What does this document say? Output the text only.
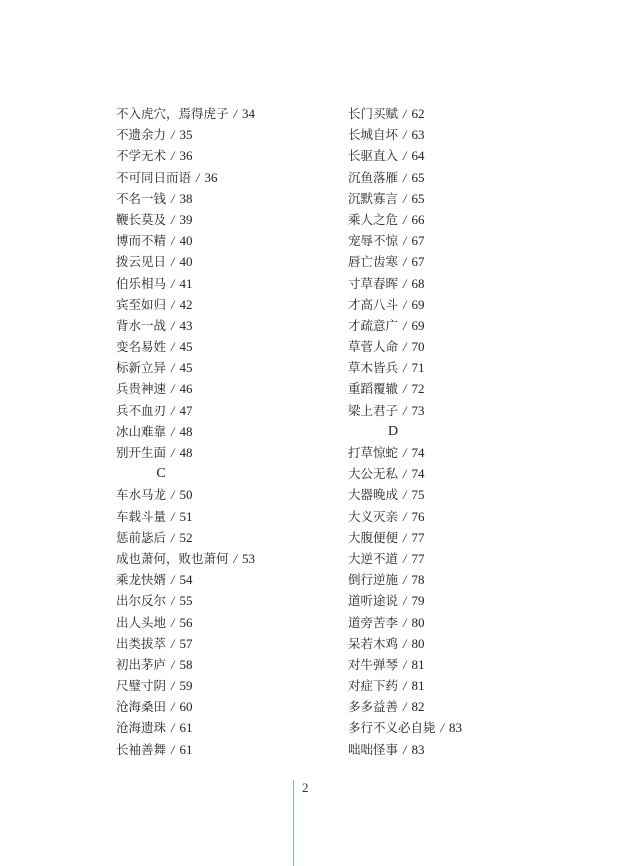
不入虎穴，焉得虎子 / 34
不遗余力 / 35
不学无术 / 36
不可同日而语 / 36
不名一钱 / 38
鞭长莫及 / 39
博而不精 / 40
拨云见日 / 40
伯乐相马 / 41
宾至如归 / 42
背水一战 / 43
变名易姓 / 45
标新立异 / 45
兵贵神速 / 46
兵不血刃 / 47
冰山难靠 / 48
别开生面 / 48
C
车水马龙 / 50
车载斗量 / 51
惩前毖后 / 52
成也萧何，败也萧何 / 53
乘龙快婿 / 54
出尔反尔 / 55
出人头地 / 56
出类拔萃 / 57
初出茅庐 / 58
尺璧寸阴 / 59
沧海桑田 / 60
沧海遗珠 / 61
长袖善舞 / 61
长门买赋 / 62
长城自坏 / 63
长驱直入 / 64
沉鱼落雁 / 65
沉默寡言 / 65
乘人之危 / 66
宠辱不惊 / 67
唇亡齿寒 / 67
寸草春晖 / 68
才高八斗 / 69
才疏意广 / 69
草菅人命 / 70
草木皆兵 / 71
重蹈覆辙 / 72
梁上君子 / 73
D
打草惊蛇 / 74
大公无私 / 74
大器晚成 / 75
大义灭亲 / 76
大腹便便 / 77
大逆不道 / 77
倒行逆施 / 78
道听途说 / 79
道旁苦李 / 80
呆若木鸡 / 80
对牛弹琴 / 81
对症下药 / 81
多多益善 / 82
多行不义必自毙 / 83
咄咄怪事 / 83
2
